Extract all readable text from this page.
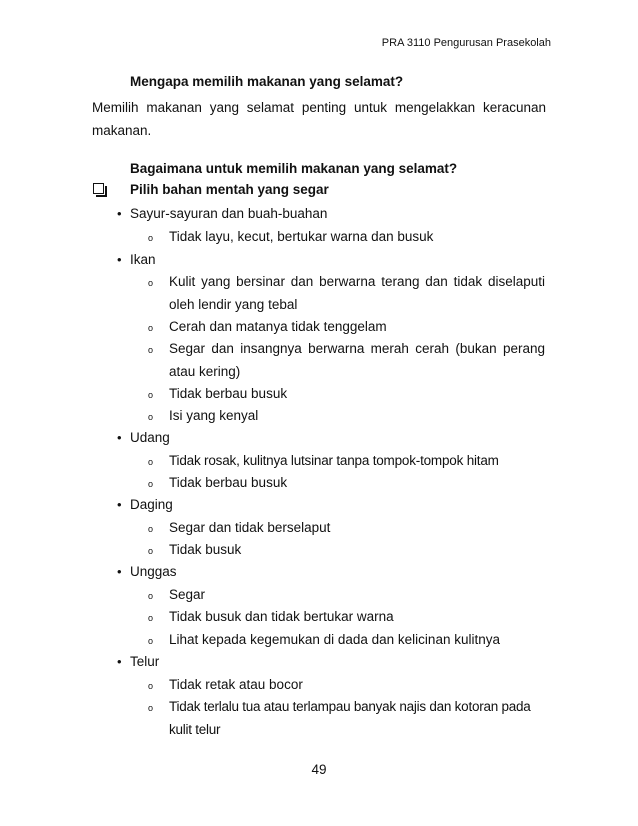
PRA 3110 Pengurusan Prasekolah
Mengapa memilih makanan yang selamat?
Memilih makanan yang selamat penting untuk mengelakkan keracunan
makanan.
Bagaimana untuk memilih makanan yang selamat?
Pilih bahan mentah yang segar
• Sayur-sayuran dan buah-buahan
o Tidak layu, kecut, bertukar warna dan busuk
• Ikan
o Kulit yang bersinar dan berwarna terang dan tidak diselaputi oleh lendir yang tebal
o Cerah dan matanya tidak tenggelam
o Segar dan insangnya berwarna merah cerah (bukan perang atau kering)
o Tidak berbau busuk
o Isi yang kenyal
• Udang
o Tidak rosak, kulitnya lutsinar tanpa tompok-tompok hitam
o Tidak berbau busuk
• Daging
o Segar dan tidak berselaput
o Tidak busuk
• Unggas
o Segar
o Tidak busuk dan tidak bertukar warna
o Lihat kepada kegemukan di dada dan kelicinan kulitnya
• Telur
o Tidak retak atau bocor
o Tidak terlalu tua atau terlampau banyak najis dan kotoran pada kulit telur
49
